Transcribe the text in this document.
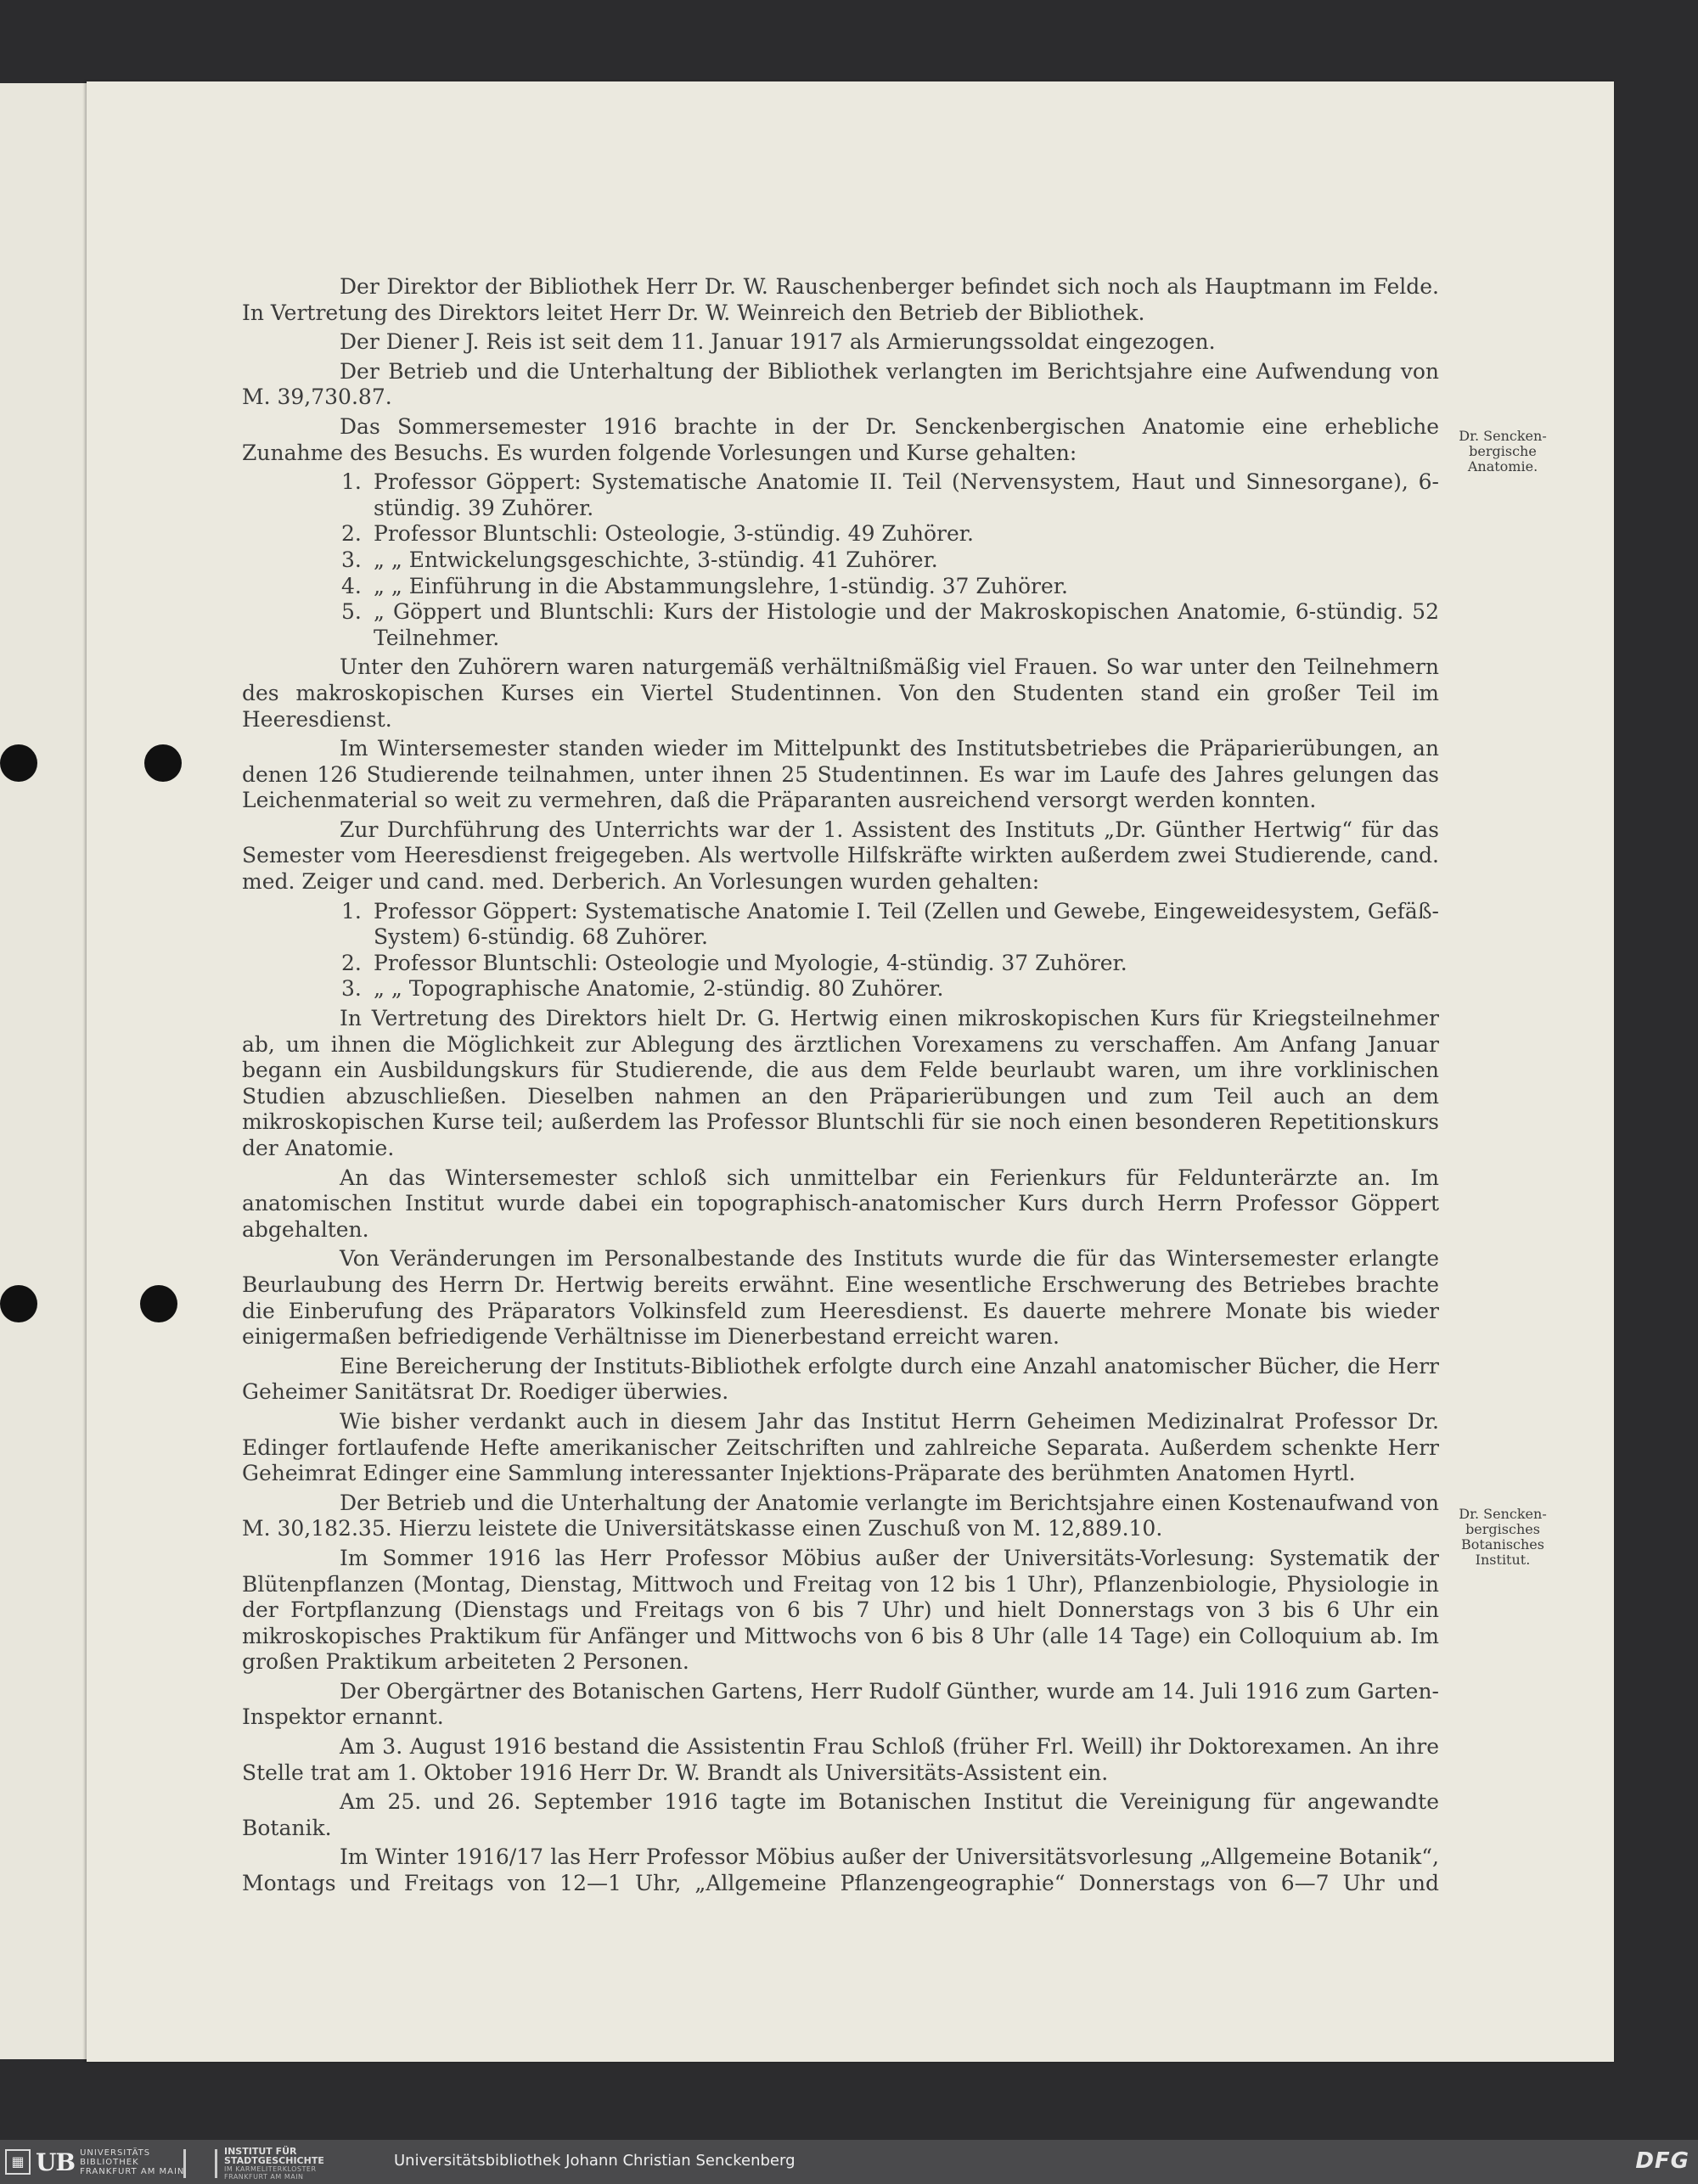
Der Direktor der Bibliothek Herr Dr. W. Rauschenberger befindet sich noch als Hauptmann im Felde. In Vertretung des Direktors leitet Herr Dr. W. Weinreich den Betrieb der Bibliothek.

Der Diener J. Reis ist seit dem 11. Januar 1917 als Armierungssoldat eingezogen.

Der Betrieb und die Unterhaltung der Bibliothek verlangten im Berichtsjahre eine Aufwendung von M. 39,730.87.

Das Sommersemester 1916 brachte in der Dr. Senckenbergischen Anatomie eine erhebliche Zunahme des Besuchs. Es wurden folgende Vorlesungen und Kurse gehalten:

1. Professor Göppert: Systematische Anatomie II. Teil (Nervensystem, Haut und Sinnesorgane), 6-stündig. 39 Zuhörer.
2. Professor Bluntschli: Osteologie, 3-stündig. 49 Zuhörer.
3. „ „ Entwickelungsgeschichte, 3-stündig. 41 Zuhörer.
4. „ „ Einführung in die Abstammungslehre, 1-stündig. 37 Zuhörer.
5. „ Göppert und Bluntschli: Kurs der Histologie und der Makroskopischen Anatomie, 6-stündig. 52 Teilnehmer.

Unter den Zuhörern waren naturgemäß verhältnißmäßig viel Frauen. So war unter den Teilnehmern des makroskopischen Kurses ein Viertel Studentinnen. Von den Studenten stand ein großer Teil im Heeresdienst.

Im Wintersemester standen wieder im Mittelpunkt des Institutsbetriebes die Präparierübungen, an denen 126 Studierende teilnahmen, unter ihnen 25 Studentinnen. Es war im Laufe des Jahres gelungen das Leichenmaterial so weit zu vermehren, daß die Präparanten ausreichend versorgt werden konnten.

Zur Durchführung des Unterrichts war der 1. Assistent des Instituts „Dr. Günther Hertwig“ für das Semester vom Heeresdienst freigegeben. Als wertvolle Hilfskräfte wirkten außerdem zwei Studierende, cand. med. Zeiger und cand. med. Derberich. An Vorlesungen wurden gehalten:

1. Professor Göppert: Systematische Anatomie I. Teil (Zellen und Gewebe, Eingeweidesystem, Gefäß-System) 6-stündig. 68 Zuhörer.
2. Professor Bluntschli: Osteologie und Myologie, 4-stündig. 37 Zuhörer.
3. „ „ Topographische Anatomie, 2-stündig. 80 Zuhörer.

In Vertretung des Direktors hielt Dr. G. Hertwig einen mikroskopischen Kurs für Kriegsteilnehmer ab, um ihnen die Möglichkeit zur Ablegung des ärztlichen Vorexamens zu verschaffen. Am Anfang Januar begann ein Ausbildungskurs für Studierende, die aus dem Felde beurlaubt waren, um ihre vorklinischen Studien abzuschließen. Dieselben nahmen an den Präparierübungen und zum Teil auch an dem mikroskopischen Kurse teil; außerdem las Professor Bluntschli für sie noch einen besonderen Repetitionskurs der Anatomie.

An das Wintersemester schloß sich unmittelbar ein Ferienkurs für Feldunterärzte an. Im anatomischen Institut wurde dabei ein topographisch-anatomischer Kurs durch Herrn Professor Göppert abgehalten.

Von Veränderungen im Personalbestande des Instituts wurde die für das Wintersemester erlangte Beurlaubung des Herrn Dr. Hertwig bereits erwähnt. Eine wesentliche Erschwerung des Betriebes brachte die Einberufung des Präparators Volkinsfeld zum Heeresdienst. Es dauerte mehrere Monate bis wieder einigermaßen befriedigende Verhältnisse im Dienerbestand erreicht waren.

Eine Bereicherung der Instituts-Bibliothek erfolgte durch eine Anzahl anatomischer Bücher, die Herr Geheimer Sanitätsrat Dr. Roediger überwies.

Wie bisher verdankt auch in diesem Jahr das Institut Herrn Geheimen Medizinalrat Professor Dr. Edinger fortlaufende Hefte amerikanischer Zeitschriften und zahlreiche Separata. Außerdem schenkte Herr Geheimrat Edinger eine Sammlung interessanter Injektions-Präparate des berühmten Anatomen Hyrtl.

Der Betrieb und die Unterhaltung der Anatomie verlangte im Berichtsjahre einen Kostenaufwand von M. 30,182.35. Hierzu leistete die Universitätskasse einen Zuschuß von M. 12,889.10.

Im Sommer 1916 las Herr Professor Möbius außer der Universitäts-Vorlesung: Systematik der Blütenpflanzen (Montag, Dienstag, Mittwoch und Freitag von 12 bis 1 Uhr), Pflanzenbiologie, Physiologie in der Fortpflanzung (Dienstags und Freitags von 6 bis 7 Uhr) und hielt Donnerstags von 3 bis 6 Uhr ein mikroskopisches Praktikum für Anfänger und Mittwochs von 6 bis 8 Uhr (alle 14 Tage) ein Colloquium ab. Im großen Praktikum arbeiteten 2 Personen.

Der Obergärtner des Botanischen Gartens, Herr Rudolf Günther, wurde am 14. Juli 1916 zum Garten-Inspektor ernannt.

Am 3. August 1916 bestand die Assistentin Frau Schloß (früher Frl. Weill) ihr Doktorexamen. An ihre Stelle trat am 1. Oktober 1916 Herr Dr. W. Brandt als Universitäts-Assistent ein.

Am 25. und 26. September 1916 tagte im Botanischen Institut die Vereinigung für angewandte Botanik.

Im Winter 1916/17 las Herr Professor Möbius außer der Universitätsvorlesung „Allgemeine Botanik“, Montags und Freitags von 12—1 Uhr, „Allgemeine Pflanzengeographie“ Donnerstags von 6—7 Uhr und

Dr. Sencken-
bergische
Anatomie.
Dr. Sencken-
bergisches
Botanisches
Institut.
▦ UB UNIVERSITÄTS
BIBLIOTHEK
FRANKFURT AM MAIN
INSTITUT FÜR
STADTGESCHICHTE
IM KARMELITERKLOSTER
FRANKFURT AM MAIN
Universitätsbibliothek Johann Christian Senckenberg	DFG
